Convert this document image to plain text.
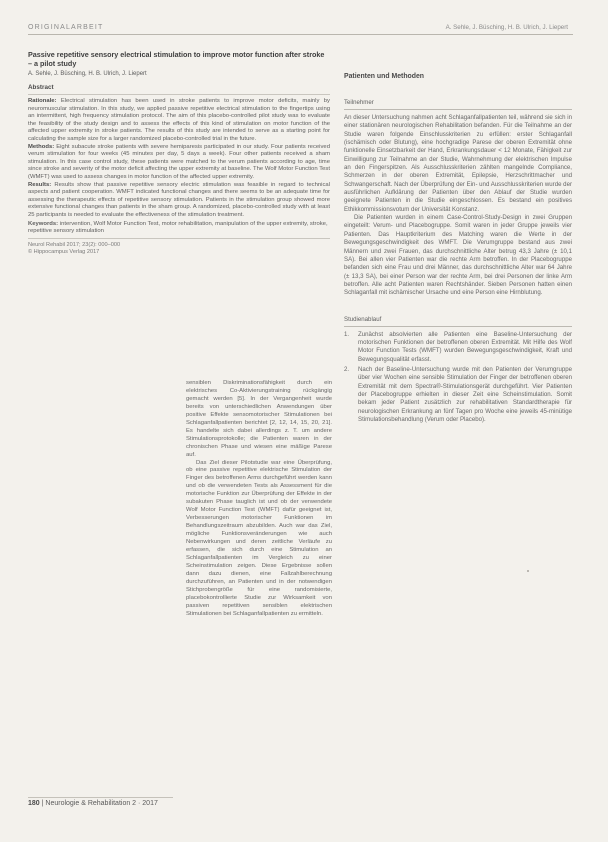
ORIGINALARBEIT	A. Sehle, J. Büsching, H. B. Ulrich, J. Liepert
Passive repetitive sensory electrical stimulation to improve motor function after stroke – a pilot study
A. Sehle, J. Büsching, H. B. Ulrich, J. Liepert
Abstract

Rationale: Electrical stimulation has been used in stroke patients to improve motor deficits, mainly by neuromuscular stimulation. In this study, we applied passive repetitive electrical stimulation to the fingertips using an intermittent, high frequency stimulation protocol. The aim of this placebo-controlled pilot study was to evaluate the feasibility of the study design and to assess the effects of this kind of stimulation on motor function of the affected upper extremity in stroke patients. The results of this study are intended to serve as a starting point for calculating the sample size for a larger randomized placebo-controlled trial in the future.

Methods: Eight subacute stroke patients with severe hemiparesis participated in our study. Four patients received verum stimulation for four weeks (45 minutes per day, 5 days a week). Four other patients received a sham stimulation. In this case control study, these patients were matched to the verum patients according to age, time since stroke and severity of the motor deficit affecting the upper extremity at baseline. The Wolf Motor Function Test (WMFT) was used to assess changes in motor function of the affected upper extremity.

Results: Results show that passive repetitive sensory electric stimulation was feasible in regard to technical aspects and patient cooperation. WMFT indicated functional changes and there seems to be an adequate time for assessing the therapeutic effects of repetitive sensory stimulation. Patients in the stimulation group showed more extensive functional changes than patients in the sham group. A randomized, placebo-controlled study with at least 25 participants is needed to evaluate the effectiveness of the stimulation treatment.

Keywords: intervention, Wolf Motor Function Test, motor rehabilitation, manipulation of the upper extremity, stroke, repetitive sensory stimulation
Neurol Rehabil 2017; 23(2): 000–000
© Hippocampus Verlag 2017

sensiblen Diskriminationsfähigkeit durch ein elektrisches Co-Aktivierungstraining rückgängig gemacht werden [5]. In der Vergangenheit wurde bereits von unterschiedlichen Anwendungen über positive Effekte sensomotorischer Stimulationen bei Schlaganfallpatienten berichtet [2, 12, 14, 15, 20, 21]. Es handelte sich dabei allerdings z. T. um andere Stimulationsprotokolle; die Patienten waren in der chronischen Phase und wiesen eine mäßige Parese auf.

Das Ziel dieser Pilotstudie war eine Überprüfung, ob eine passive repetitive elektrische Stimulation der Finger des betroffenen Arms durchgeführt werden kann und ob die verwendeten Tests als Assessment für die motorische Funktion zur Überprüfung der Effekte in der subakuten Phase tauglich ist und ob der verwendete Wolf Motor Function Test (WMFT) dafür geeignet ist, Verbesserungen motorischer Funktionen im Behandlungszeitraum abzubilden. Auch war das Ziel, mögliche Funktionsveränderungen wie auch Nebenwirkungen und deren zeitliche Verläufe zu erfassen, die sich durch eine Stimulation an Schlaganfallpatienten im Vergleich zu einer Scheinstimulation zeigen. Diese Ergebnisse sollen dann dazu dienen, eine Fallzahlberechnung durchzuführen, an Patienten und in der notwendigen Stichprobengröße für eine randomisierte, placebokontrollierte Studie zur Wirksamkeit von passiven repetitiven sensiblen elektrischen Stimulationen bei Schlaganfallpatienten zu ermitteln.

Patienten und Methoden
Teilnehmer

An dieser Untersuchung nahmen acht Schlaganfallpatienten teil, während sie sich in einer stationären neurologischen Rehabilitation befanden. Für die Teilnahme an der Studie waren folgende Einschlusskriterien zu erfüllen: erster Schlaganfall (ischämisch oder Blutung), eine hochgradige Parese der oberen Extremität ohne funktionelle Einsetzbarkeit der Hand, Erkrankungsdauer < 12 Monate, Fähigkeit zur Einwilligung zur Teilnahme an der Studie, Wahrnehmung der elektrischen Impulse an den Fingerspitzen. Als Ausschlusskriterien zählten mangelnde Compliance, Schmerzen in der oberen Extremität, Epilepsie, Herzschrittmacher und Schwangerschaft. Nach der Überprüfung der Ein- und Ausschlusskriterien wurde der ausführlichen Aufklärung der Patienten über den Ablauf der Studie wurden geeignete Patienten in die Studie eingeschlossen. Es bestand ein positives Ethikkommissionsvotum der Universität Konstanz.

Die Patienten wurden in einem Case-Control-Study-Design in zwei Gruppen eingeteilt: Verum- und Placebogruppe. Somit waren in jeder Gruppe jeweils vier Patienten. Das Hauptkriterium des Matching waren die Werte in der Bewegungsgeschwindigkeit des WMFT. Die Verumgruppe bestand aus zwei Männern und zwei Frauen, das durchschnittliche Alter betrug 43,3 Jahre (± 10,1 SA). Bei allen vier Patienten war die rechte Arm betroffen. In der Placebogruppe befanden sich eine Frau und drei Männer, das durchschnittliche Alter war 64 Jahre (± 13,3 SA), bei einer Person war der rechte Arm, bei drei Personen der linke Arm betroffen. Alle acht Patienten waren Rechtshänder. Sieben Personen hatten einen Schlaganfall mit ischämischer Ursache und eine Person eine Hirnblutung.

Studienablauf
1. Zunächst absolvierten alle Patienten eine Baseline-Untersuchung der motorischen Funktionen der betroffenen oberen Extremität. Mit Hilfe des Wolf Motor Function Tests (WMFT) wurden Bewegungsgeschwindigkeit, Kraft und Bewegungsqualität erfasst.
2. Nach der Baseline-Untersuchung wurde mit den Patienten der Verumgruppe über vier Wochen eine sensible Stimulation der Finger der betroffenen oberen Extremität mit dem Spectra®-Stimulationsgerät durchgeführt. Vier Patienten der Placebogruppe erhielten in dieser Zeit eine Scheinstimulation. Somit bekam jeder Patient zusätzlich zur rehabilitativen Standardtherapie für neurologischen Erkrankung an fünf Tagen pro Woche eine jeweils 45-minütige Stimulationsbehandlung (Verum oder Placebo).
180 | Neurologie & Rehabilitation 2 · 2017
